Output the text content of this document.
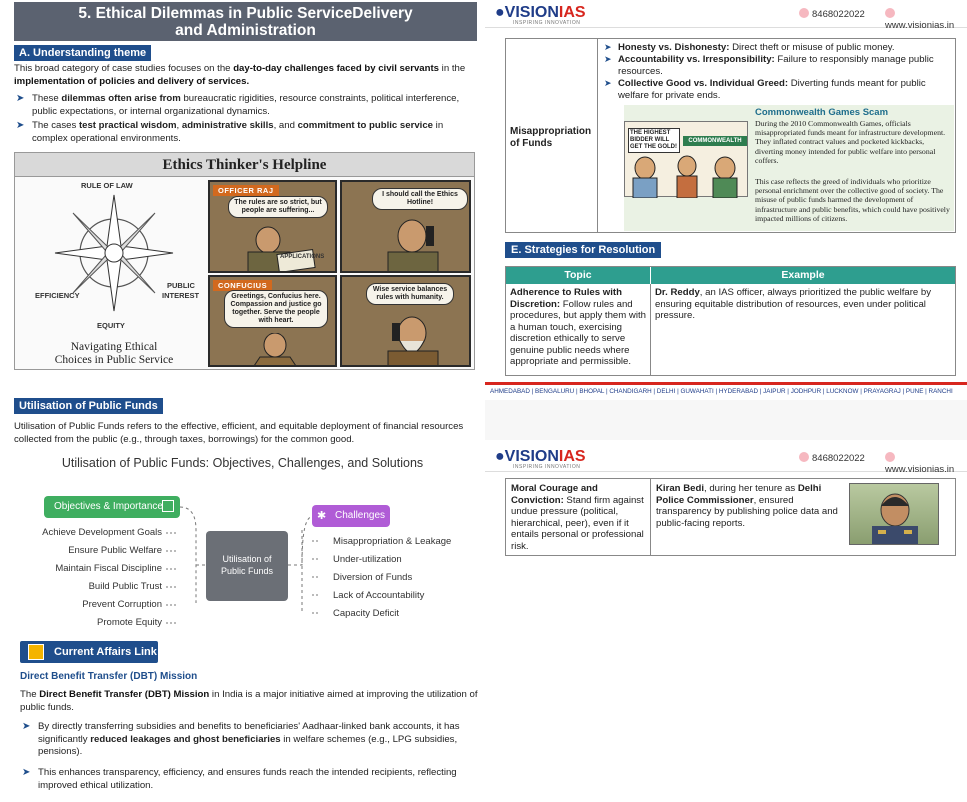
5. Ethical Dilemmas in Public ServiceDelivery
and Administration
A. Understanding theme
This broad category of case studies focuses on the day-to-day challenges faced by civil servants in the implementation of policies and delivery of services.
➤ These dilemmas often arise from bureaucratic rigidities, resource constraints, political interference, public expectations, or internal organizational dynamics.
➤ The cases test practical wisdom, administrative skills, and commitment to public service in complex operational environments.
Ethics Thinker's Helpline
RULE OF LAW
EFFICIENCY
PUBLIC
INTEREST
EQUITY
Navigating Ethical
Choices in Public Service
OFFICER RAJ
The rules are so strict, but people are suffering...
APPLICATIONS
I should call the Ethics Hotline!
CONFUCIUS
Greetings, Confucius here. Compassion and justice go together. Serve the people with heart.
Wise service balances rules with humanity.
Utilisation of Public Funds
Utilisation of Public Funds refers to the effective, efficient, and equitable deployment of financial resources collected from the public (e.g., through taxes, borrowings) for the common good.
Utilisation of Public Funds: Objectives, Challenges, and Solutions
Objectives & Importance
Utilisation of
Public Funds
✱ Challenges
Achieve Development Goals
Ensure Public Welfare
Maintain Fiscal Discipline
Build Public Trust
Prevent Corruption
Promote Equity
Misappropriation & Leakage
Under-utilization
Diversion of Funds
Lack of Accountability
Capacity Deficit
Current Affairs Link
Direct Benefit Transfer (DBT) Mission
The Direct Benefit Transfer (DBT) Mission in India is a major initiative aimed at improving the utilization of public funds.
➤ By directly transferring subsidies and benefits to beneficiaries' Aadhaar-linked bank accounts, it has significantly reduced leakages and ghost beneficiaries in welfare schemes (e.g., LPG subsidies, pensions).
➤ This enhances transparency, efficiency, and ensures funds reach the intended recipients, reflecting improved ethical utilization.
●VISIONIAS
INSPIRING INNOVATION
8468022022
www.visionias.in
Misappropriation
of Funds
➤ Honesty vs. Dishonesty: Direct theft or misuse of public money.
➤ Accountability vs. Irresponsibility: Failure to responsibly manage public resources.
➤ Collective Good vs. Individual Greed: Diverting funds meant for public welfare for private ends.
THE HIGHEST
BIDDER WILL
GET THE GOLD!
COMMONWEALTH
Commonwealth Games Scam
During the 2010 Commonwealth Games, officials misappropriated funds meant for infrastructure development. They inflated contract values and pocketed kickbacks, diverting money intended for public welfare into personal coffers.
This case reflects the greed of individuals who prioritize personal enrichment over the collective good of society. The misuse of public funds harmed the development of infrastructure and public benefits, which could have positively impacted millions of citizens.
E. Strategies for Resolution
Topic	Example
Adherence to Rules with Discretion: Follow rules and procedures, but apply them with a human touch, exercising discretion ethically to serve genuine public needs where appropriate and permissible.
Dr. Reddy, an IAS officer, always prioritized the public welfare by ensuring equitable distribution of resources, even under political pressure.
AHMEDABAD | BENGALURU | BHOPAL | CHANDIGARH | DELHI | GUWAHATI | HYDERABAD | JAIPUR | JODHPUR | LUCKNOW | PRAYAGRAJ | PUNE | RANCHI
●VISIONIAS
INSPIRING INNOVATION
8468022022
www.visionias.in
Moral Courage and Conviction: Stand firm against undue pressure (political, hierarchical, peer), even if it entails personal or professional risk.
Kiran Bedi, during her tenure as Delhi Police Commissioner, ensured transparency by publishing police data and public-facing reports.
